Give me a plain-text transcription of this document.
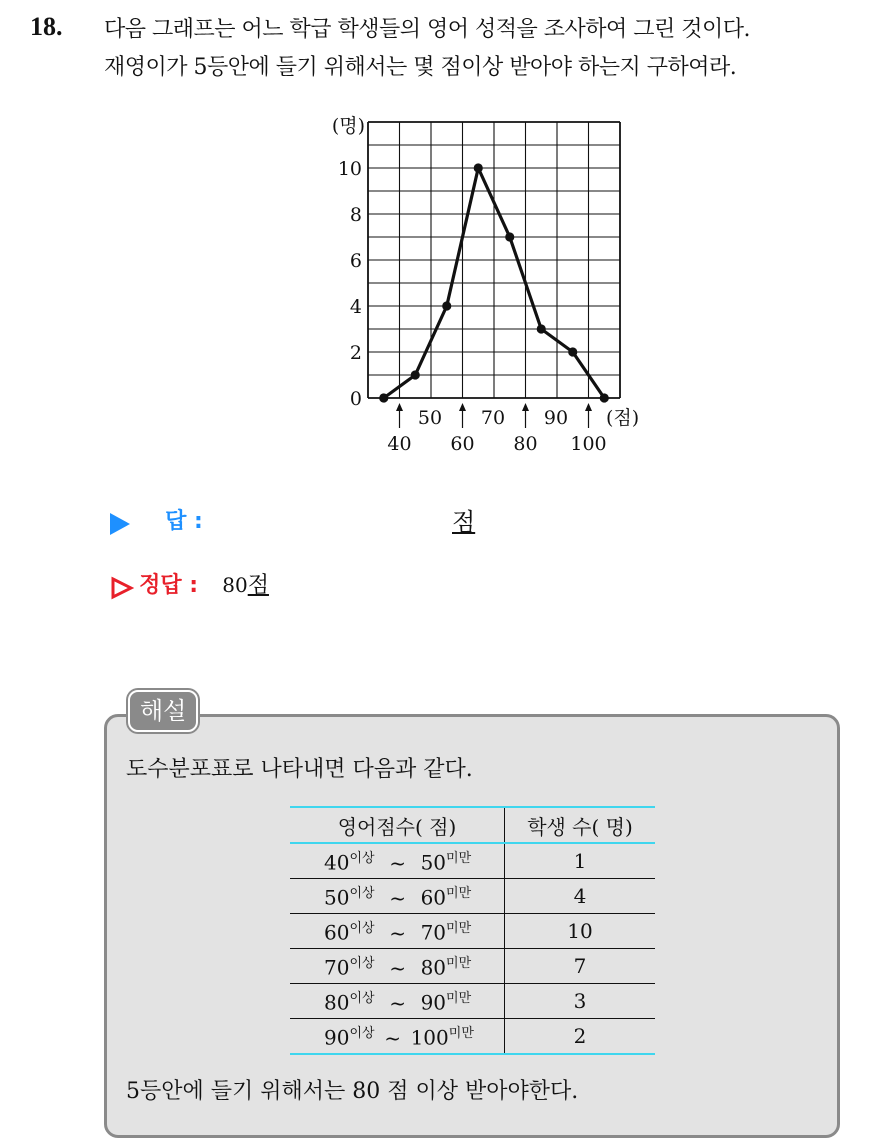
18. 다음 그래프는 어느 학급 학생들의 영어 성적을 조사하여 그린 것이다.
재영이가 5등안에 들기 위해서는 몇 점이상 받아야 하는지 구하여라.
0
2
4
6
8
10
(명)
50 70 90
40 60 80 100
(점)
답 :	점
정답 : 80점
해설
도수분포표로 나타내면 다음과 같다.
영어점수( 점)	학생 수( 명)
$40^{이상}$ ~ $50^{미만}$	1
$50^{이상}$ ~ $60^{미만}$	4
$60^{이상}$ ~ $70^{미만}$	10
$70^{이상}$ ~ $80^{미만}$	7
$80^{이상}$ ~ $90^{미만}$	3
$90^{이상}$ ~ $100^{미만}$	2
5등안에 들기 위해서는 80 점 이상 받아야한다.
